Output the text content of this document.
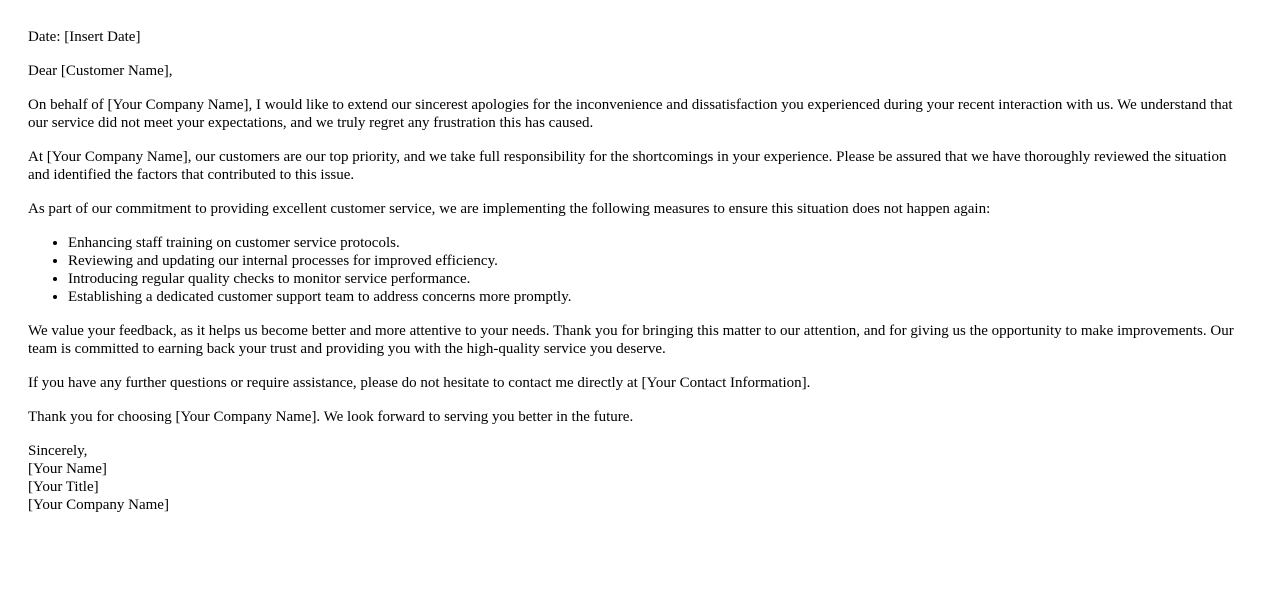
Date: [Insert Date]

Dear [Customer Name],

On behalf of [Your Company Name], I would like to extend our sincerest apologies for the inconvenience and dissatisfaction you experienced during your recent interaction with us. We understand that our service did not meet your expectations, and we truly regret any frustration this has caused.

At [Your Company Name], our customers are our top priority, and we take full responsibility for the shortcomings in your experience. Please be assured that we have thoroughly reviewed the situation and identified the factors that contributed to this issue.

As part of our commitment to providing excellent customer service, we are implementing the following measures to ensure this situation does not happen again:

• Enhancing staff training on customer service protocols.
• Reviewing and updating our internal processes for improved efficiency.
• Introducing regular quality checks to monitor service performance.
• Establishing a dedicated customer support team to address concerns more promptly.

We value your feedback, as it helps us become better and more attentive to your needs. Thank you for bringing this matter to our attention, and for giving us the opportunity to make improvements. Our team is committed to earning back your trust and providing you with the high-quality service you deserve.

If you have any further questions or require assistance, please do not hesitate to contact me directly at [Your Contact Information].

Thank you for choosing [Your Company Name]. We look forward to serving you better in the future.

Sincerely,
[Your Name]
[Your Title]
[Your Company Name]
